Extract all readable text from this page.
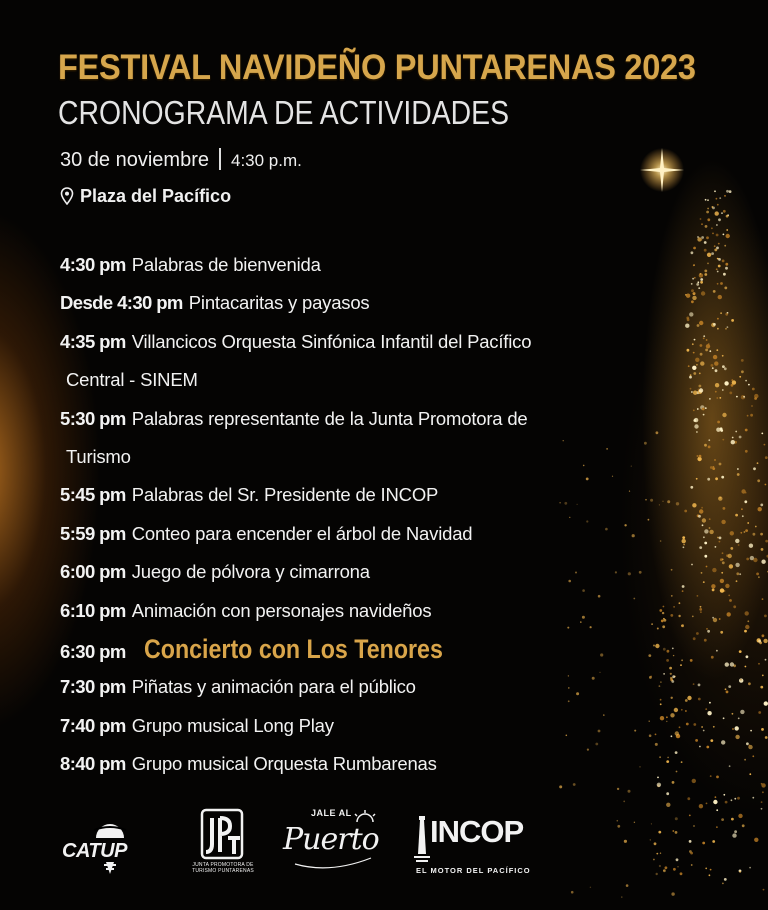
FESTIVAL NAVIDEÑO PUNTARENAS 2023
CRONOGRAMA DE ACTIVIDADES
30 de noviembre 4:30 p.m.
Plaza del Pacífico
4:30 pm Palabras de bienvenida
Desde 4:30 pm Pintacaritas y payasos
4:35 pm Villancicos Orquesta Sinfónica Infantil del Pacífico
Central - SINEM
5:30 pm Palabras representante de la Junta Promotora de
Turismo
5:45 pm Palabras del Sr. Presidente de INCOP
5:59 pm Conteo para encender el árbol de Navidad
6:00 pm Juego de pólvora y cimarrona
6:10 pm Animación con personajes navideños
6:30 pm Concierto con Los Tenores
7:30 pm Piñatas y animación para el público
7:40 pm Grupo musical Long Play
8:40 pm Grupo musical Orquesta Rumbarenas
CATUP
JUNTA PROMOTORA DE TURISMO PUNTARENAS
JALE AL
Puerto INCOP
EL MOTOR DEL PACÍFICO
